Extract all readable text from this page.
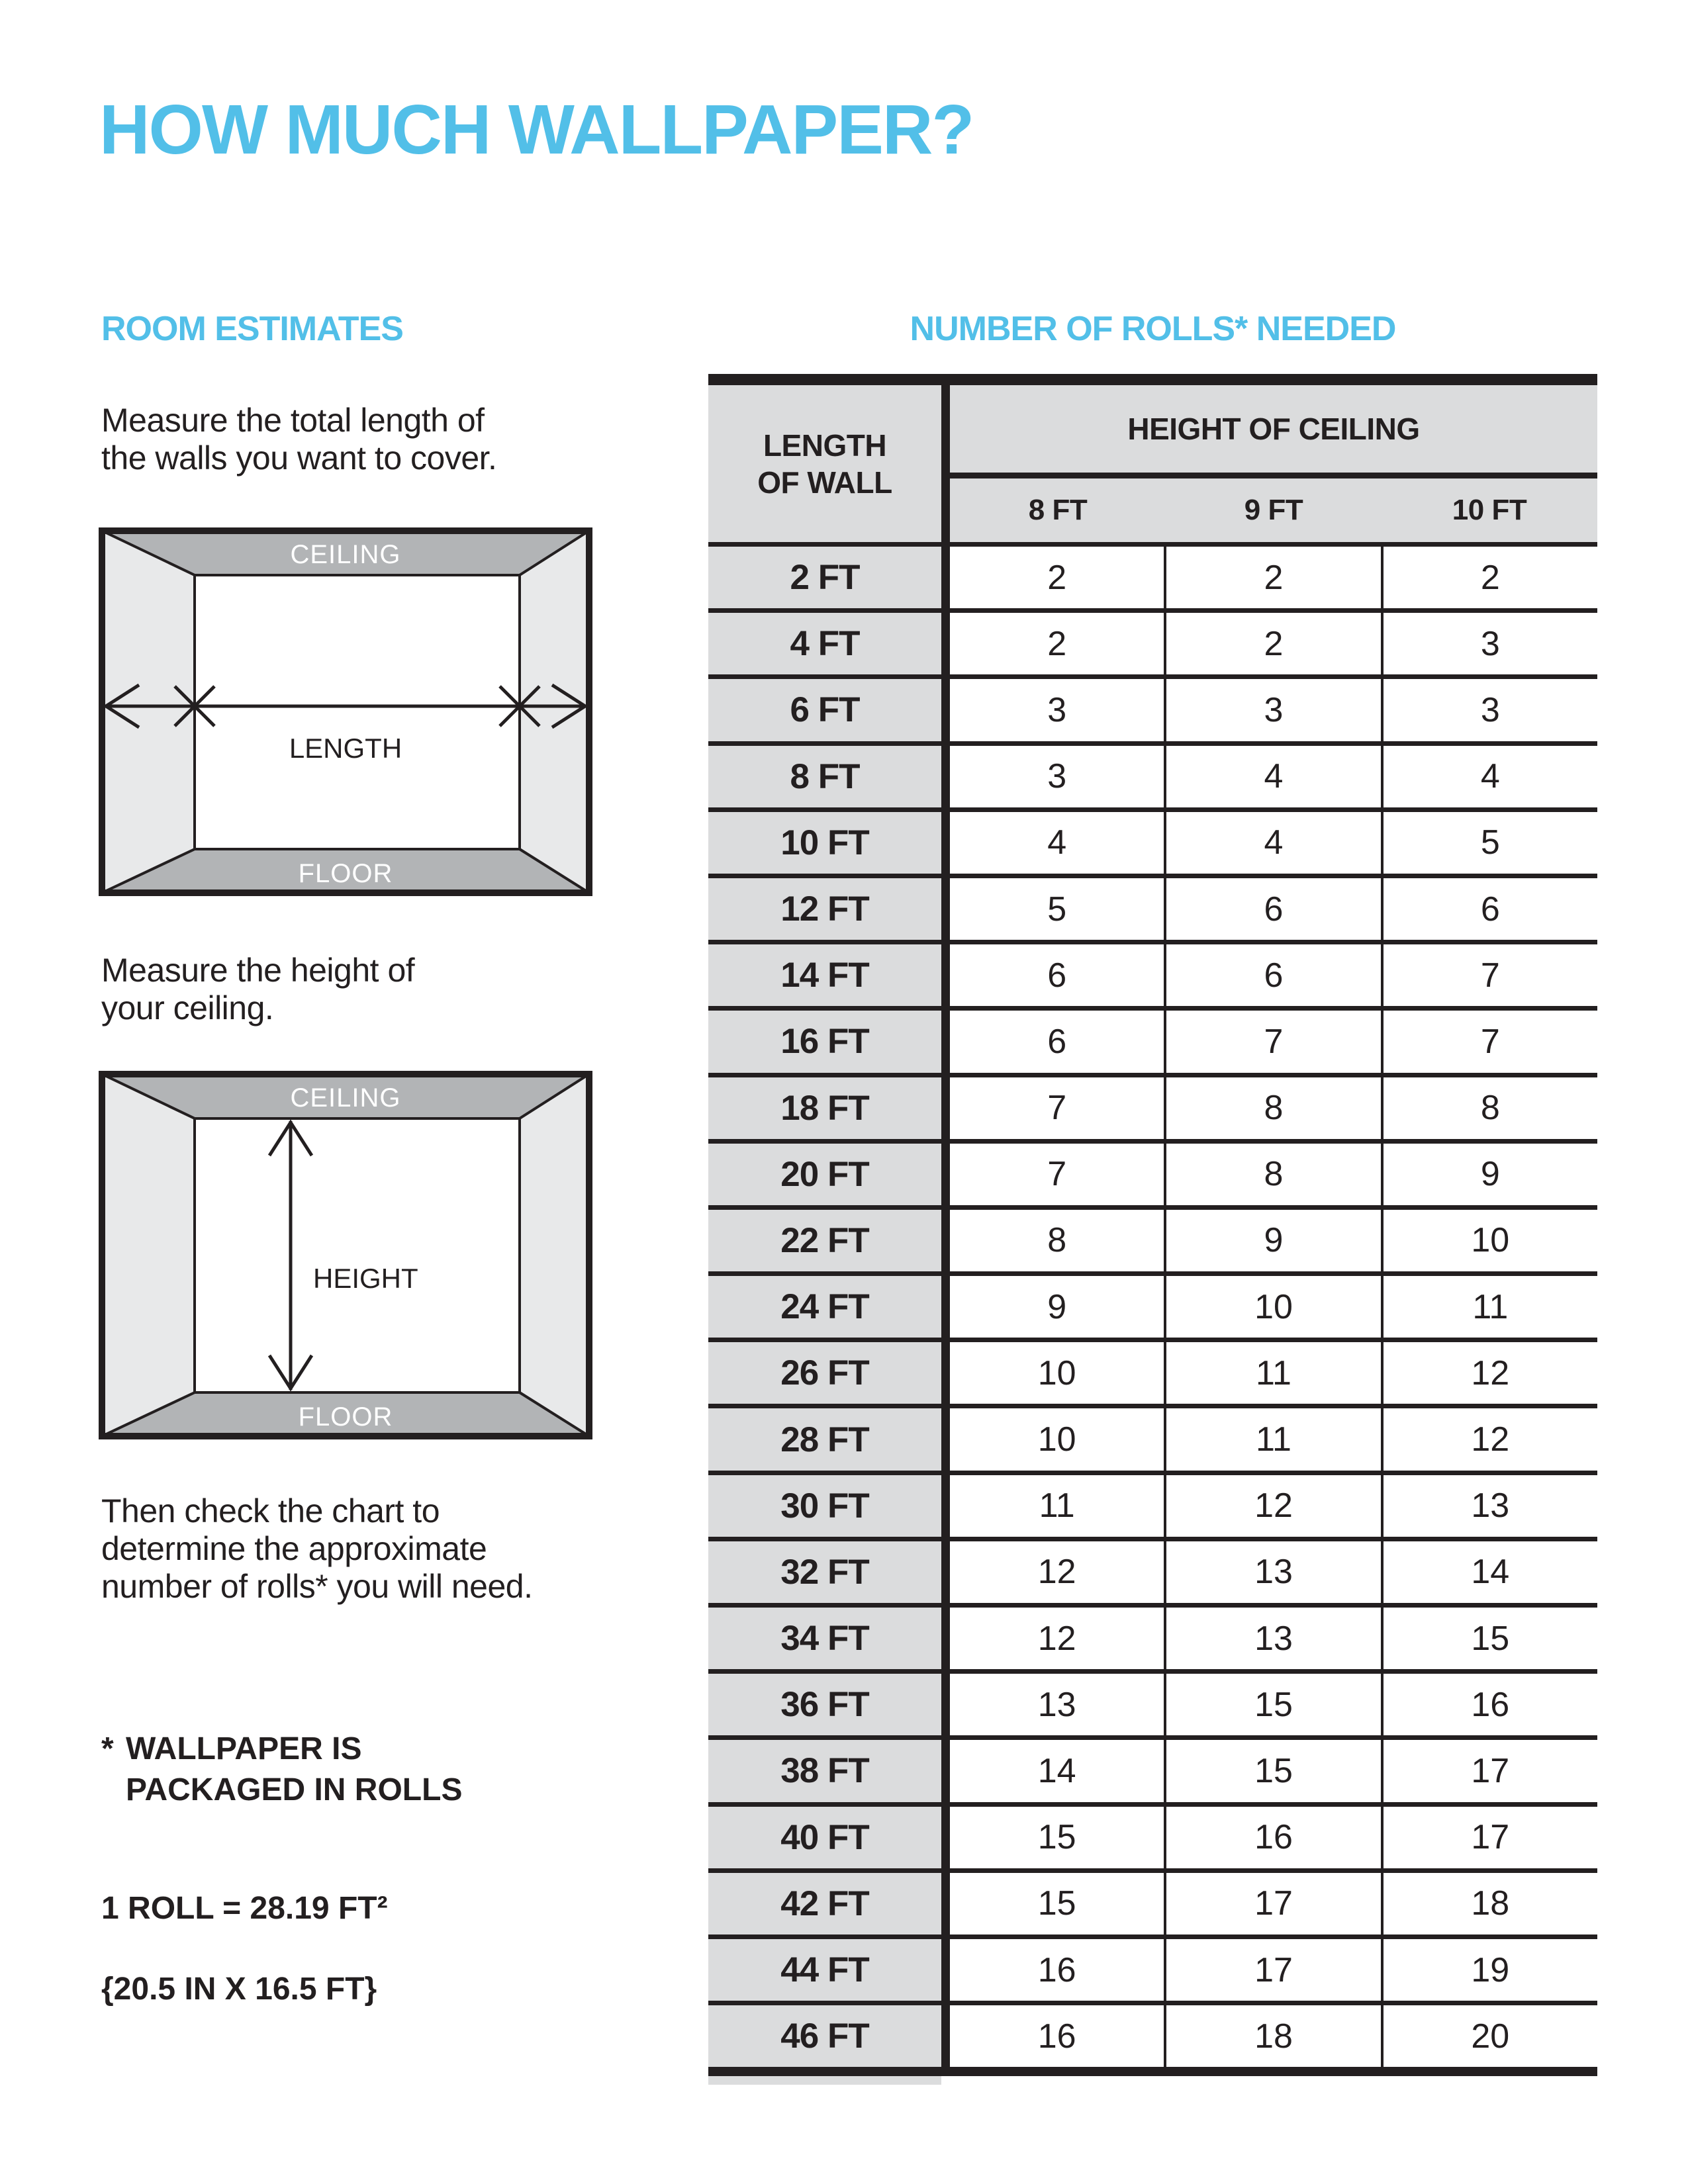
HOW MUCH WALLPAPER?
ROOM ESTIMATES
Measure the total length of
the walls you want to cover.
CEILING
FLOOR
LENGTH
Measure the height of
your ceiling.
CEILING
FLOOR
HEIGHT
Then check the chart to
determine the approximate
number of rolls* you will need.
* WALLPAPER IS
PACKAGED IN ROLLS

1 ROLL = 28.19 FT²

{20.5 IN X 16.5 FT}

NUMBER OF ROLLS* NEEDED
LENGTH
OF WALL
HEIGHT OF CEILING
8 FT	9 FT	10 FT
2 FT	2	2	2
4 FT	2	2	3
6 FT	3	3	3
8 FT	3	4	4
10 FT	4	4	5
12 FT	5	6	6
14 FT	6	6	7
16 FT	6	7	7
18 FT	7	8	8
20 FT	7	8	9
22 FT	8	9	10
24 FT	9	10	11
26 FT	10	11	12
28 FT	10	11	12
30 FT	11	12	13
32 FT	12	13	14
34 FT	12	13	15
36 FT	13	15	16
38 FT	14	15	17
40 FT	15	16	17
42 FT	15	17	18
44 FT	16	17	19
46 FT	16	18	20
